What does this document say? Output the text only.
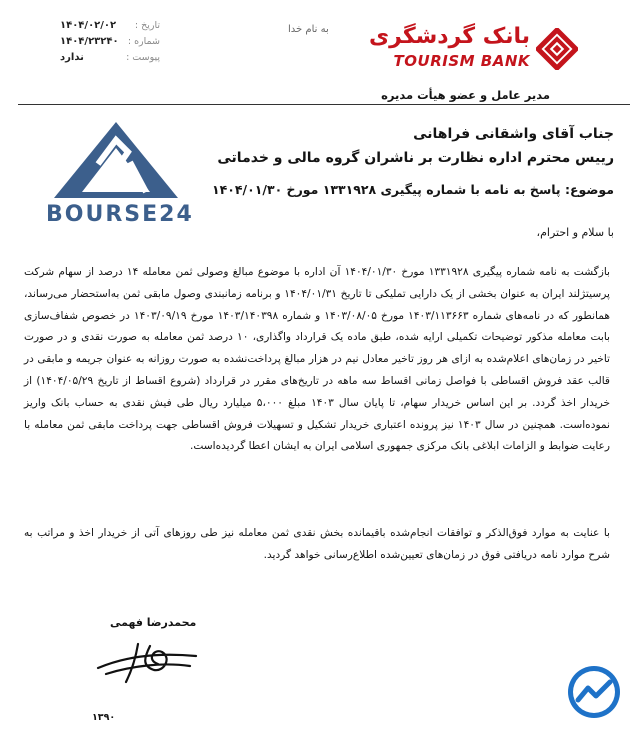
تاریخ :
۱۴۰۴/۰۲/۰۲
شماره :
۱۴۰۴/۲۳۲۴۰
پیوست :
ندارد
به نام خدا بانک گردشگری
TOURISM BANK
مدیر عامل و عضو هیأت مدیره
BOURSE24
جناب آقای واشقانی فراهانی
رییس محترم اداره نظارت بر ناشران گروه مالی و خدماتی
موضوع: پاسخ به نامه با شماره پیگیری ۱۳۳۱۹۲۸ مورخ ۱۴۰۴/۰۱/۳۰
با سلام و احترام،

بازگشت به نامه شماره پیگیری ۱۳۳۱۹۲۸ مورخ ۱۴۰۴/۰۱/۳۰ آن اداره با موضوع مبالغ وصولی ثمن معامله ۱۴ درصد از سهام شرکت پرسیتژلند ایران به عنوان بخشی از یک دارایی تملیکی تا تاریخ ۱۴۰۴/۰۱/۳۱ و برنامه زمانبندی وصول مابقی ثمن به‌استحضار می‌رساند، همانطور که در نامه‌های شماره ۱۴۰۳/۱۱۳۶۶۳ مورخ ۱۴۰۳/۰۸/۰۵ و شماره ۱۴۰۳/۱۴۰۳۹۸ مورخ ۱۴۰۳/۰۹/۱۹ در خصوص شفاف‌سازی بابت معامله مذکور توضیحات تکمیلی ارایه شده، طبق ماده یک قرارداد واگذاری، ۱۰ درصد ثمن معامله به صورت نقدی و در صورت تاخیر در زمان‌های اعلام‌شده به ازای هر روز تاخیر معادل نیم در هزار مبالغ پرداخت‌نشده به صورت روزانه به عنوان جریمه و مابقی در قالب عقد فروش اقساطی با فواصل زمانی اقساط سه ماهه در تاریخ‌های مقرر در قرارداد (شروع اقساط از تاریخ ۱۴۰۴/۰۵/۲۹) از خریدار اخذ گردد. بر این اساس خریدار سهام، تا پایان سال ۱۴۰۳ مبلغ ۵،۰۰۰ میلیارد ریال طی فیش نقدی به حساب بانک واریز نموده‌است. همچنین در سال ۱۴۰۳ نیز پرونده اعتباری خریدار تشکیل و تسهیلات فروش اقساطی جهت پرداخت مابقی ثمن معامله با رعایت ضوابط و الزامات ابلاغی بانک مرکزی جمهوری اسلامی ایران به ایشان اعطا گردیده‌است.

با عنایت به موارد فوق‌الذکر و توافقات انجام‌شده باقیمانده بخش نقدی ثمن معامله نیز طی روزهای آتی از خریدار اخذ و مراتب به شرح موارد نامه دریافتی فوق در زمان‌های تعیین‌شده اطلاع‌رسانی خواهد گردید.
محمدرضا فهمی
۱۳۹۰
